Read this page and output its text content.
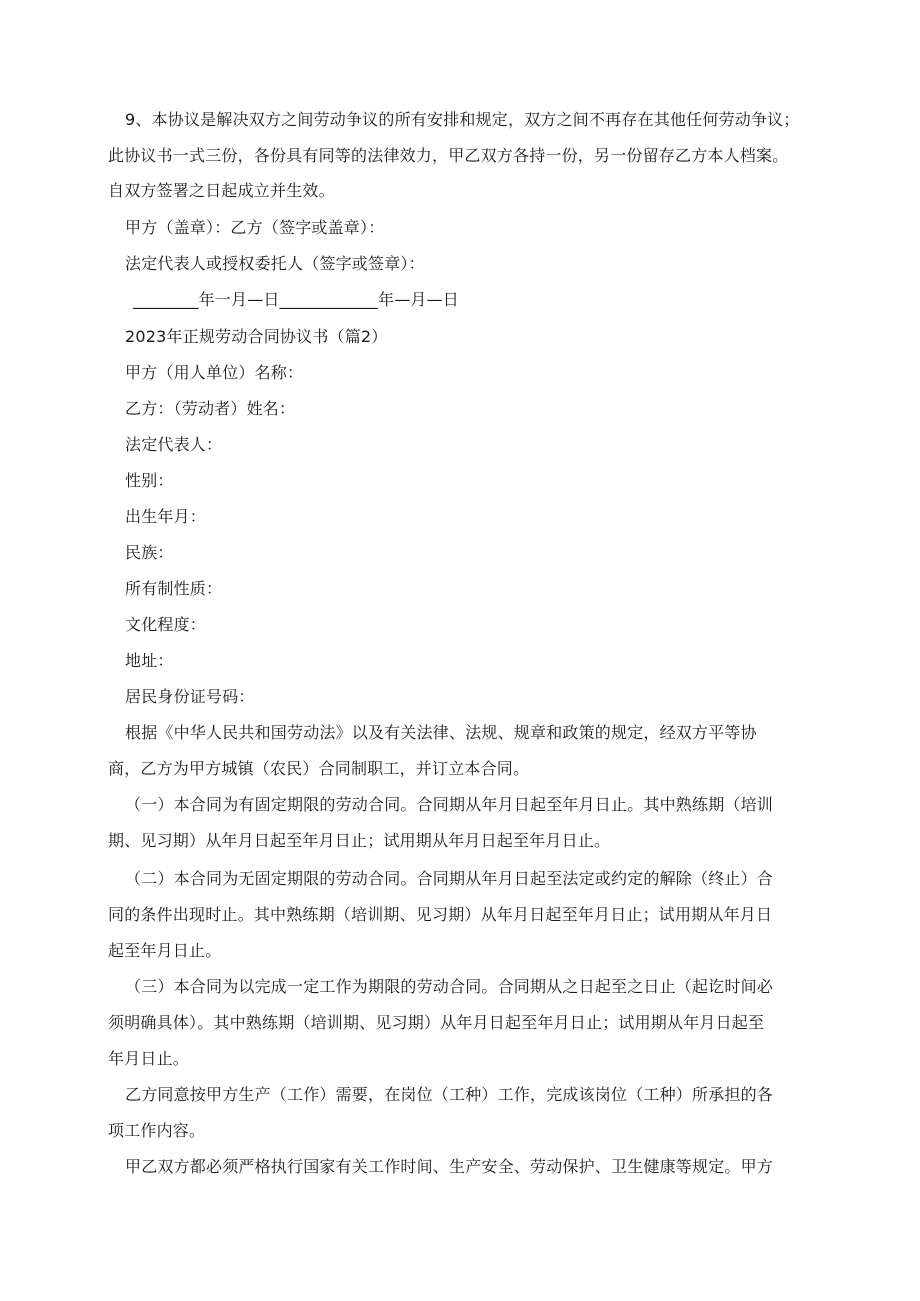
9、本协议是解决双方之间劳动争议的所有安排和规定，双方之间不再存在其他任何劳动争议；
此协议书一式三份，各份具有同等的法律效力，甲乙双方各持一份，另一份留存乙方本人档案。
自双方签署之日起成立并生效。
甲方（盖章）：乙方（签字或盖章）：
法定代表人或授权委托人（签字或签章）：
________年一月—日____________年—月—日
2023年正规劳动合同协议书（篇2）
甲方（用人单位）名称：
乙方：（劳动者）姓名：
法定代表人：
性别：
出生年月：
民族：
所有制性质：
文化程度：
地址：
居民身份证号码：
根据《中华人民共和国劳动法》以及有关法律、法规、规章和政策的规定，经双方平等协
商，乙方为甲方城镇（农民）合同制职工，并订立本合同。
（一）本合同为有固定期限的劳动合同。合同期从年月日起至年月日止。其中熟练期（培训
期、见习期）从年月日起至年月日止；试用期从年月日起至年月日止。
（二）本合同为无固定期限的劳动合同。合同期从年月日起至法定或约定的解除（终止）合
同的条件出现时止。其中熟练期（培训期、见习期）从年月日起至年月日止；试用期从年月日
起至年月日止。
（三）本合同为以完成一定工作为期限的劳动合同。合同期从之日起至之日止（起讫时间必
须明确具体）。其中熟练期（培训期、见习期）从年月日起至年月日止；试用期从年月日起至
年月日止。
乙方同意按甲方生产（工作）需要，在岗位（工种）工作，完成该岗位（工种）所承担的各
项工作内容。
甲乙双方都必须严格执行国家有关工作时间、生产安全、劳动保护、卫生健康等规定。甲方
